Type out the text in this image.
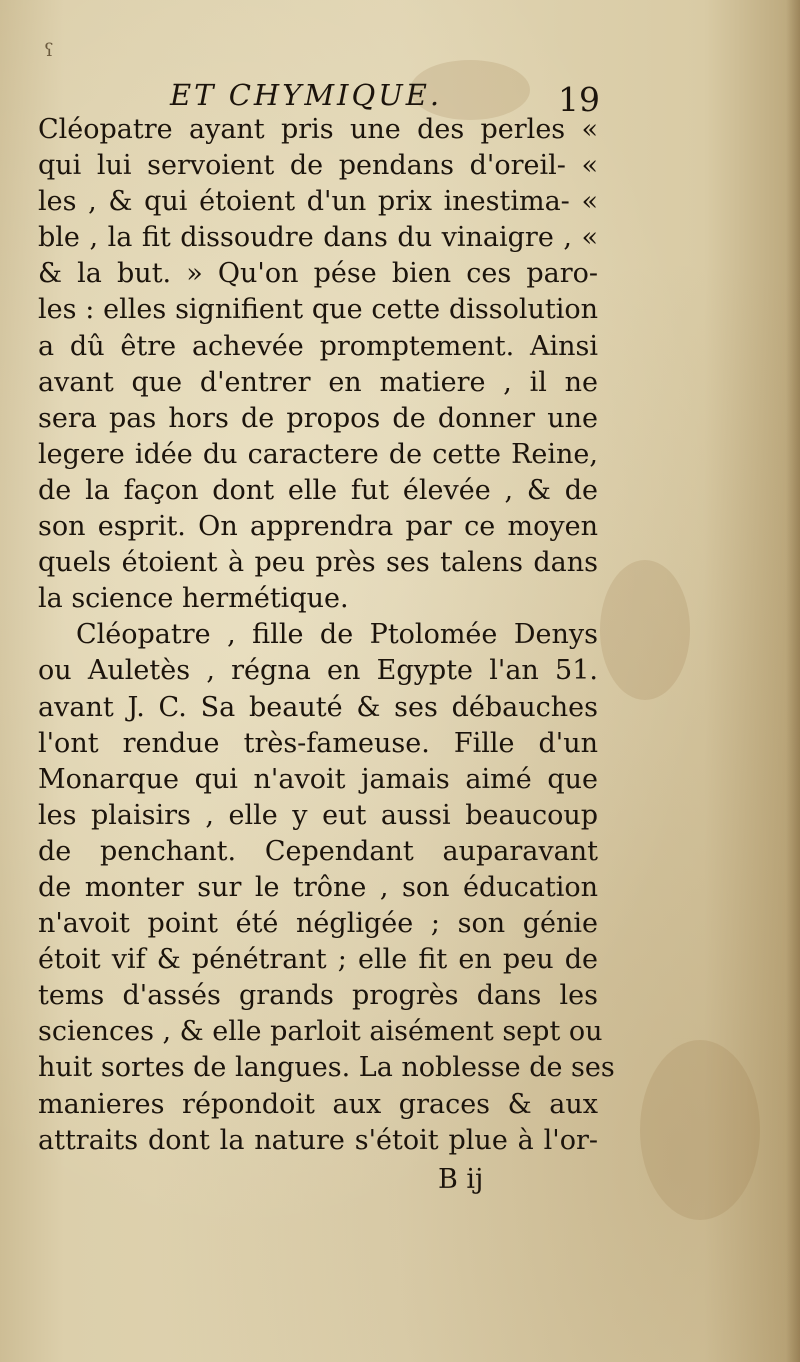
ʕ
ET CHYMIQUE.	19
Cléopatre ayant pris une des perles «
qui lui servoient de pendans d'oreil- «
les , & qui étoient d'un prix inestima- «
ble , la fit dissoudre dans du vinaigre , «
& la but. » Qu'on pése bien ces paro-
les : elles signifient que cette dissolution
a dû être achevée promptement. Ainsi
avant que d'entrer en matiere , il ne
sera pas hors de propos de donner une
legere idée du caractere de cette Reine,
de la façon dont elle fut élevée , & de
son esprit. On apprendra par ce moyen
quels étoient à peu près ses talens dans
la science hermétique.
Cléopatre , fille de Ptolomée Denys
ou Auletès , régna en Egypte l'an 51.
avant J. C. Sa beauté & ses débauches
l'ont rendue très-fameuse. Fille d'un
Monarque qui n'avoit jamais aimé que
les plaisirs , elle y eut aussi beaucoup
de penchant. Cependant auparavant
de monter sur le trône , son éducation
n'avoit point été négligée ; son génie
étoit vif & pénétrant ; elle fit en peu de
tems d'assés grands progrès dans les
sciences , & elle parloit aisément sept ou
huit sortes de langues. La noblesse de ses
manieres répondoit aux graces & aux
attraits dont la nature s'étoit plue à l'or-
B ij
